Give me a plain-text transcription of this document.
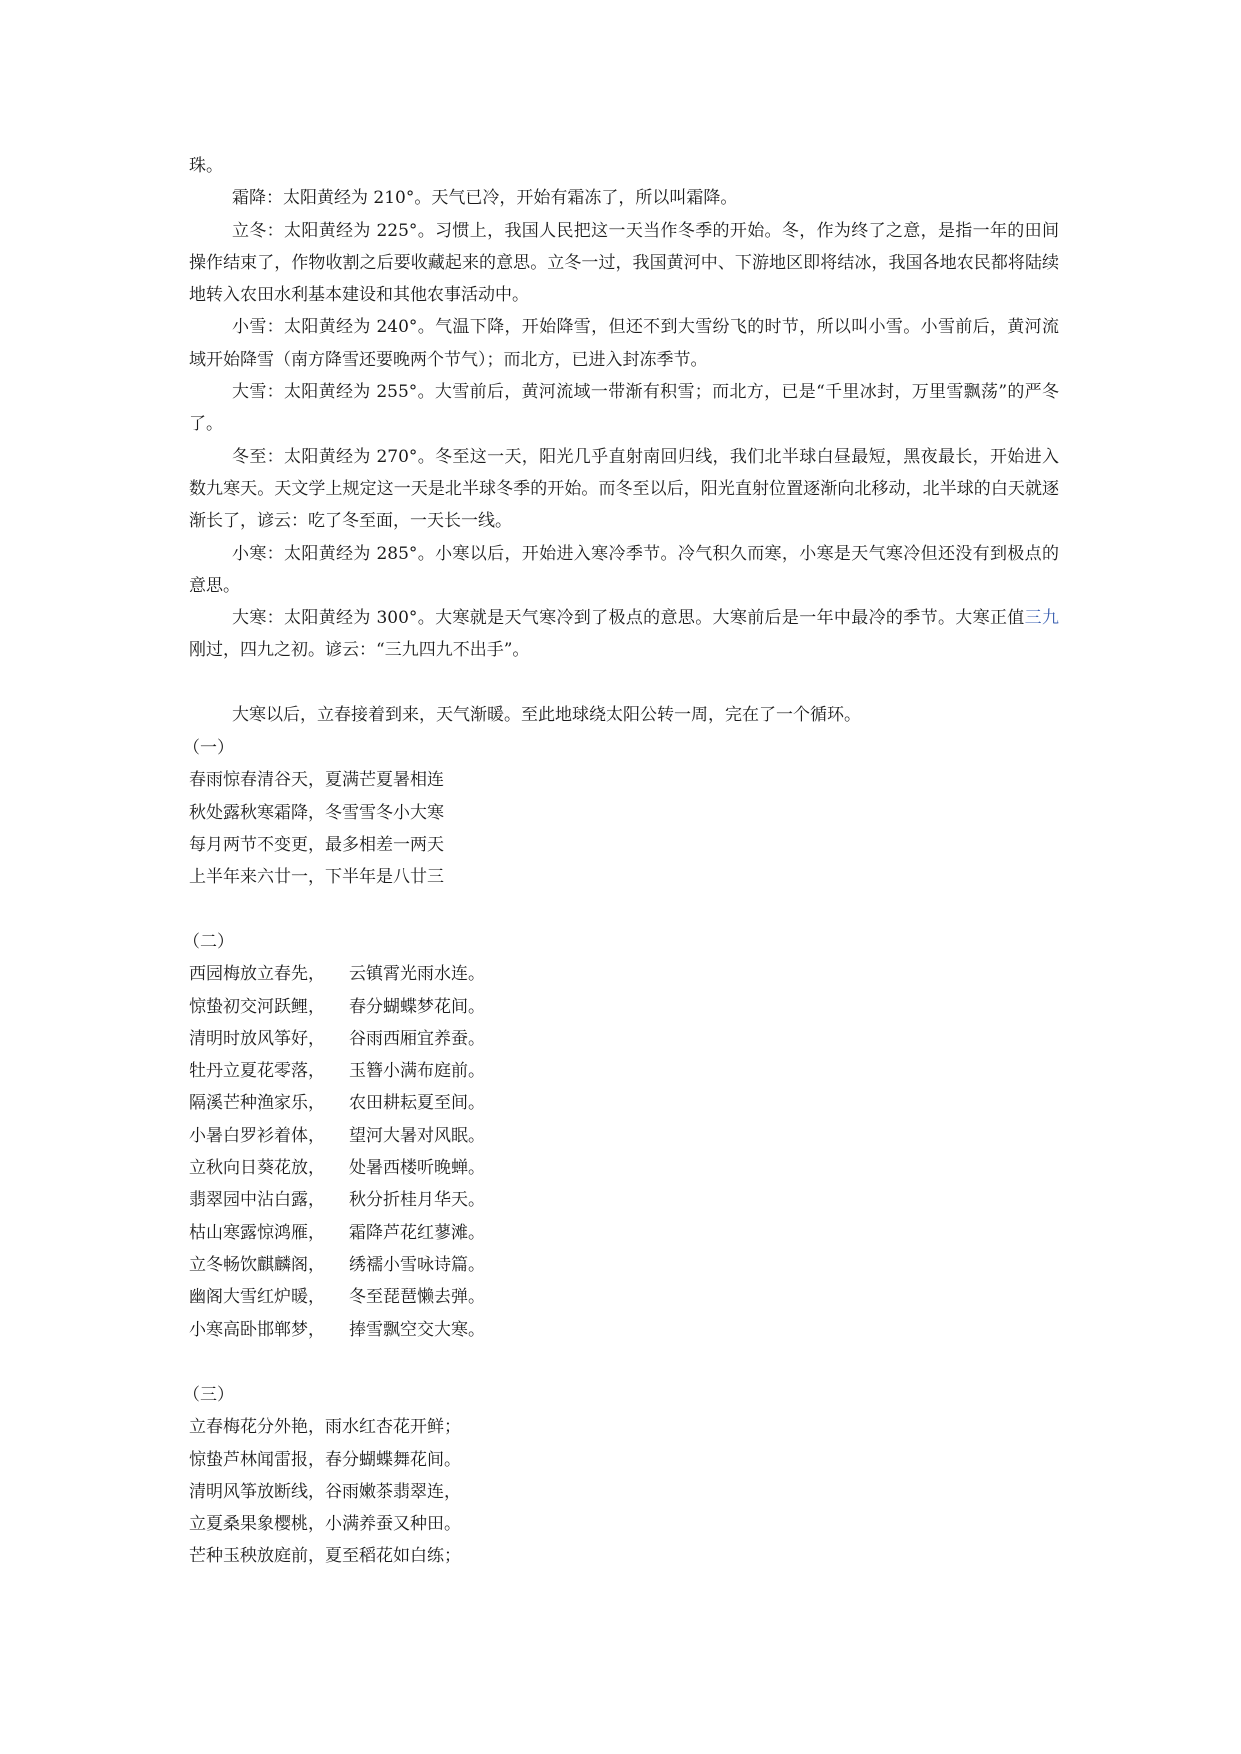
珠。

霜降：太阳黄经为 210°。天气已冷，开始有霜冻了，所以叫霜降。

立冬：太阳黄经为 225°。习惯上，我国人民把这一天当作冬季的开始。冬，作为终了之意，是指一年的田间操作结束了，作物收割之后要收藏起来的意思。立冬一过，我国黄河中、下游地区即将结冰，我国各地农民都将陆续地转入农田水利基本建设和其他农事活动中。

小雪：太阳黄经为 240°。气温下降，开始降雪，但还不到大雪纷飞的时节，所以叫小雪。小雪前后，黄河流域开始降雪（南方降雪还要晚两个节气）；而北方，已进入封冻季节。

大雪：太阳黄经为 255°。大雪前后，黄河流域一带渐有积雪；而北方，已是“千里冰封，万里雪飘荡”的严冬了。

冬至：太阳黄经为 270°。冬至这一天，阳光几乎直射南回归线，我们北半球白昼最短，黑夜最长，开始进入数九寒天。天文学上规定这一天是北半球冬季的开始。而冬至以后，阳光直射位置逐渐向北移动，北半球的白天就逐渐长了，谚云：吃了冬至面，一天长一线。

小寒：太阳黄经为 285°。小寒以后，开始进入寒冷季节。冷气积久而寒，小寒是天气寒冷但还没有到极点的意思。

大寒：太阳黄经为 300°。大寒就是天气寒冷到了极点的意思。大寒前后是一年中最冷的季节。大寒正值三九刚过，四九之初。谚云：“三九四九不出手”。

大寒以后，立春接着到来，天气渐暖。至此地球绕太阳公转一周，完在了一个循环。

（一）
春雨惊春清谷天，夏满芒夏暑相连
秋处露秋寒霜降，冬雪雪冬小大寒
每月两节不变更，最多相差一两天
上半年来六廿一，下半年是八廿三
（二）
西园梅放立春先，	云镇霄光雨水连。
惊蛰初交河跃鲤，	春分蝴蝶梦花间。
清明时放风筝好，	谷雨西厢宜养蚕。
牡丹立夏花零落，	玉簪小满布庭前。
隔溪芒种渔家乐，	农田耕耘夏至间。
小暑白罗衫着体，	望河大暑对风眠。
立秋向日葵花放，	处暑西楼听晚蝉。
翡翠园中沾白露，	秋分折桂月华天。
枯山寒露惊鸿雁，	霜降芦花红蓼滩。
立冬畅饮麒麟阁，	绣襦小雪咏诗篇。
幽阁大雪红炉暖，	冬至琵琶懒去弹。
小寒高卧邯郸梦，	捧雪飘空交大寒。
（三）
立春梅花分外艳，雨水红杏花开鲜；
惊蛰芦林闻雷报，春分蝴蝶舞花间。
清明风筝放断线，谷雨嫩茶翡翠连，
立夏桑果象樱桃，小满养蚕又种田。
芒种玉秧放庭前，夏至稻花如白练；
